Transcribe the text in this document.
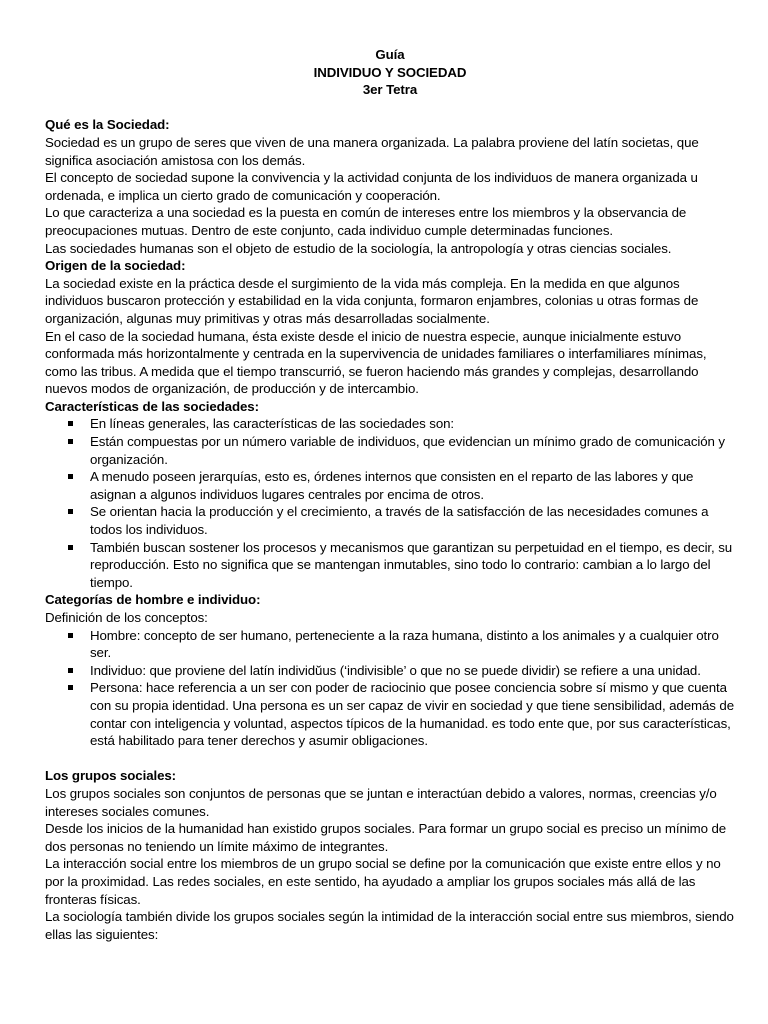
Guía
INDIVIDUO Y SOCIEDAD
3er Tetra

Qué es la Sociedad:

Sociedad es un grupo de seres que viven de una manera organizada. La palabra proviene del latín societas, que significa asociación amistosa con los demás.

El concepto de sociedad supone la convivencia y la actividad conjunta de los individuos de manera organizada u ordenada, e implica un cierto grado de comunicación y cooperación.

Lo que caracteriza a una sociedad es la puesta en común de intereses entre los miembros y la observancia de preocupaciones mutuas. Dentro de este conjunto, cada individuo cumple determinadas funciones.

Las sociedades humanas son el objeto de estudio de la sociología, la antropología y otras ciencias sociales.

Origen de la sociedad:

La sociedad existe en la práctica desde el surgimiento de la vida más compleja. En la medida en que algunos individuos buscaron protección y estabilidad en la vida conjunta, formaron enjambres, colonias u otras formas de organización, algunas muy primitivas y otras más desarrolladas socialmente.

En el caso de la sociedad humana, ésta existe desde el inicio de nuestra especie, aunque inicialmente estuvo conformada más horizontalmente y centrada en la supervivencia de unidades familiares o interfamiliares mínimas, como las tribus. A medida que el tiempo transcurrió, se fueron haciendo más grandes y complejas, desarrollando nuevos modos de organización, de producción y de intercambio.

Características de las sociedades:

En líneas generales, las características de las sociedades son:
Están compuestas por un número variable de individuos, que evidencian un mínimo grado de comunicación y organización.
A menudo poseen jerarquías, esto es, órdenes internos que consisten en el reparto de las labores y que asignan a algunos individuos lugares centrales por encima de otros.
Se orientan hacia la producción y el crecimiento, a través de la satisfacción de las necesidades comunes a todos los individuos.
También buscan sostener los procesos y mecanismos que garantizan su perpetuidad en el tiempo, es decir, su reproducción. Esto no significa que se mantengan inmutables, sino todo lo contrario: cambian a lo largo del tiempo.

Categorías de hombre e individuo:

Definición de los conceptos:

Hombre: concepto de ser humano, perteneciente a la raza humana, distinto a los animales y a cualquier otro ser.
Individuo: que proviene del latín individŭus (‘indivisible’ o que no se puede dividir) se refiere a una unidad.
Persona: hace referencia a un ser con poder de raciocinio que posee conciencia sobre sí mismo y que cuenta con su propia identidad. Una persona es un ser capaz de vivir en sociedad y que tiene sensibilidad, además de contar con inteligencia y voluntad, aspectos típicos de la humanidad. es todo ente que, por sus características, está habilitado para tener derechos y asumir obligaciones.

Los grupos sociales:

Los grupos sociales son conjuntos de personas que se juntan e interactúan debido a valores, normas, creencias y/o intereses sociales comunes.

Desde los inicios de la humanidad han existido grupos sociales. Para formar un grupo social es preciso un mínimo de dos personas no teniendo un límite máximo de integrantes.

La interacción social entre los miembros de un grupo social se define por la comunicación que existe entre ellos y no por la proximidad. Las redes sociales, en este sentido, ha ayudado a ampliar los grupos sociales más allá de las fronteras físicas.

La sociología también divide los grupos sociales según la intimidad de la interacción social entre sus miembros, siendo ellas las siguientes:
